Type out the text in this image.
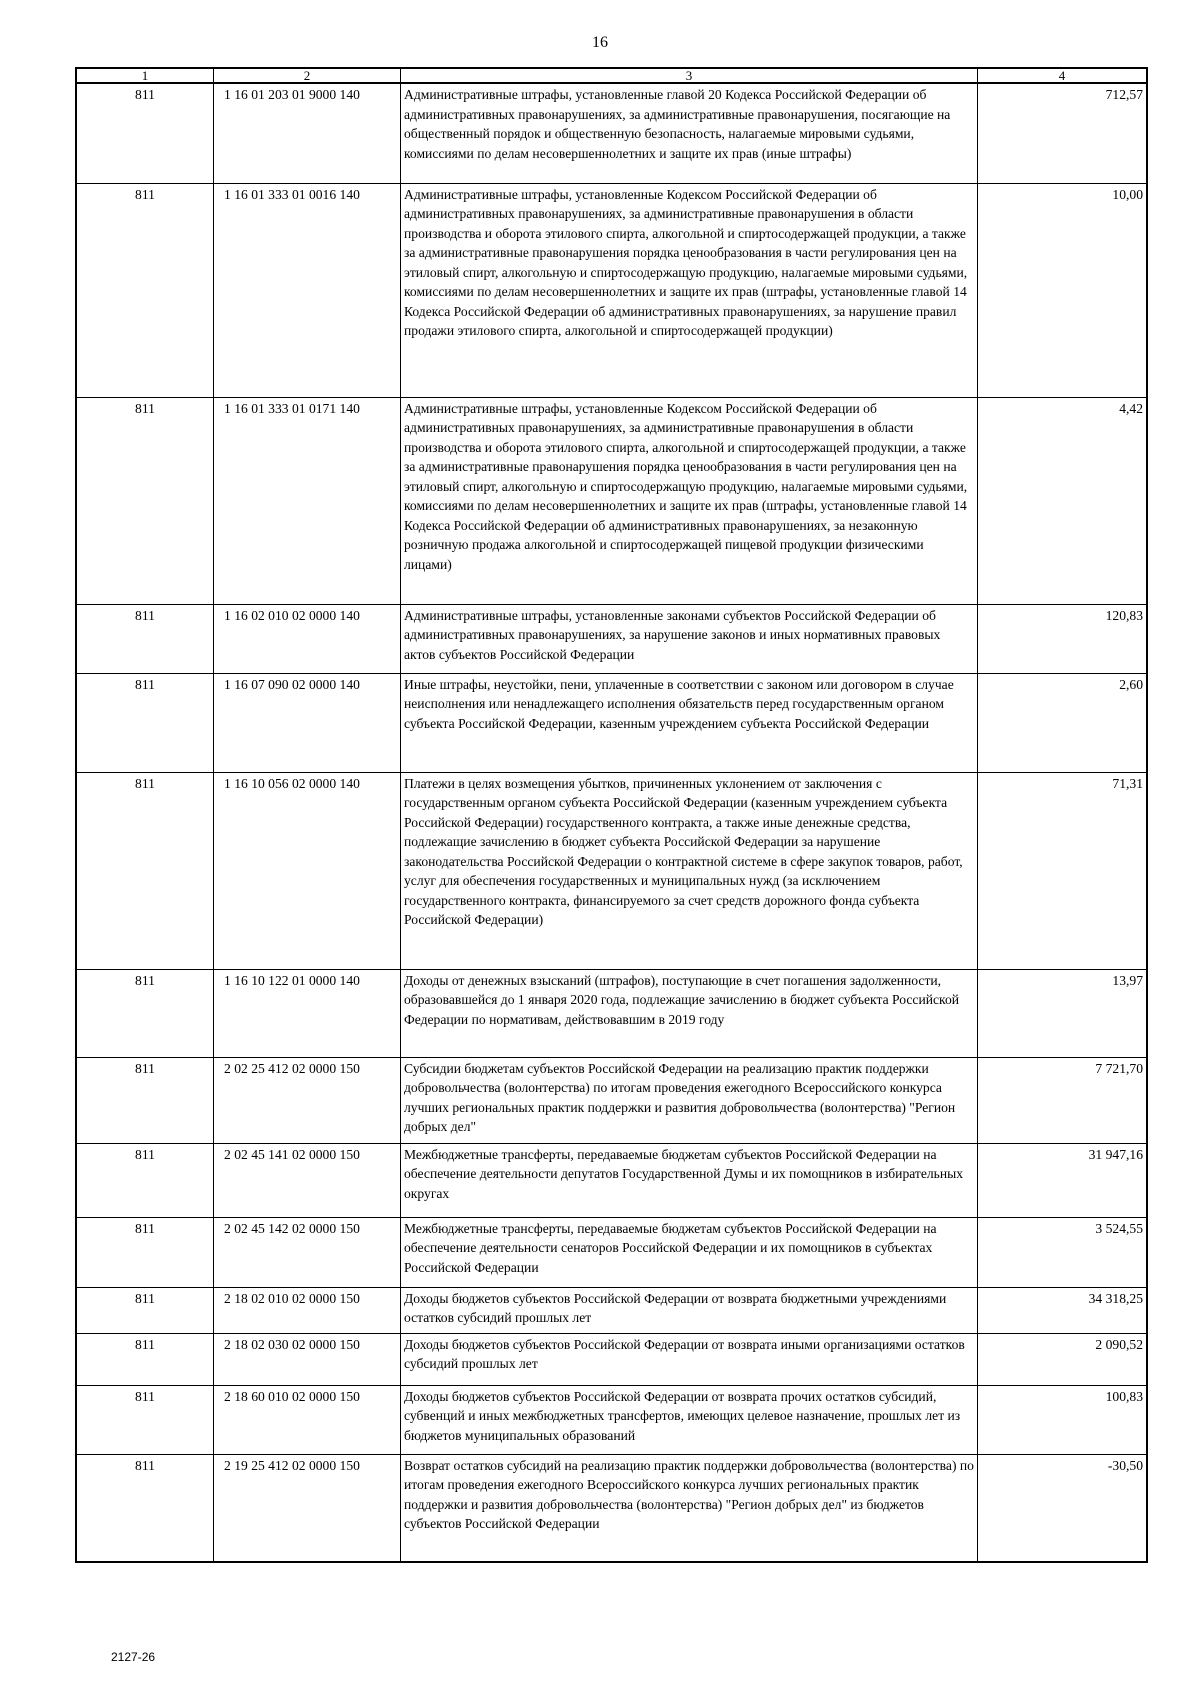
16
1	2	3	4
811	1 16 01 203 01 9000 140	Административные штрафы, установленные главой 20 Кодекса Российской Федерации об административных правонарушениях, за административные правонарушения, посягающие на общественный порядок и общественную безопасность, налагаемые мировыми судьями, комиссиями по делам несовершеннолетних и защите их прав (иные штрафы)	712,57
811	1 16 01 333 01 0016 140	Административные штрафы, установленные Кодексом Российской Федерации об административных правонарушениях, за административные правонарушения в области производства и оборота этилового спирта, алкогольной и спиртосодержащей продукции, а также за административные правонарушения порядка ценообразования в части регулирования цен на этиловый спирт, алкогольную и спиртосодержащую продукцию, налагаемые мировыми судьями, комиссиями по делам несовершеннолетних и защите их прав (штрафы, установленные главой 14 Кодекса Российской Федерации об административных правонарушениях, за нарушение правил продажи этилового спирта, алкогольной и спиртосодержащей продукции)	10,00
811	1 16 01 333 01 0171 140	Административные штрафы, установленные Кодексом Российской Федерации об административных правонарушениях, за административные правонарушения в области производства и оборота этилового спирта, алкогольной и спиртосодержащей продукции, а также за административные правонарушения порядка ценообразования в части регулирования цен на этиловый спирт, алкогольную и спиртосодержащую продукцию, налагаемые мировыми судьями, комиссиями по делам несовершеннолетних и защите их прав (штрафы, установленные главой 14 Кодекса Российской Федерации об административных правонарушениях, за незаконную розничную продажа алкогольной и спиртосодержащей пищевой продукции физическими лицами)	4,42
811	1 16 02 010 02 0000 140	Административные штрафы, установленные законами субъектов Российской Федерации об административных правонарушениях, за нарушение законов и иных нормативных правовых актов субъектов Российской Федерации	120,83
811	1 16 07 090 02 0000 140	Иные штрафы, неустойки, пени, уплаченные в соответствии с законом или договором в случае неисполнения или ненадлежащего исполнения обязательств перед государственным органом субъекта Российской Федерации, казенным учреждением субъекта Российской Федерации	2,60
811	1 16 10 056 02 0000 140	Платежи в целях возмещения убытков, причиненных уклонением от заключения с государственным органом субъекта Российской Федерации (казенным учреждением субъекта Российской Федерации) государственного контракта, а также иные денежные средства, подлежащие зачислению в бюджет субъекта Российской Федерации за нарушение законодательства Российской Федерации о контрактной системе в сфере закупок товаров, работ, услуг для обеспечения государственных и муниципальных нужд (за исключением государственного контракта, финансируемого за счет средств дорожного фонда субъекта Российской Федерации)	71,31
811	1 16 10 122 01 0000 140	Доходы от денежных взысканий (штрафов), поступающие в счет погашения задолженности, образовавшейся до 1 января 2020 года, подлежащие зачислению в бюджет субъекта Российской Федерации по нормативам, действовавшим в 2019 году	13,97
811	2 02 25 412 02 0000 150	Субсидии бюджетам субъектов Российской Федерации на реализацию практик поддержки добровольчества (волонтерства) по итогам проведения ежегодного Всероссийского конкурса лучших региональных практик поддержки и развития добровольчества (волонтерства) "Регион добрых дел"	7 721,70
811	2 02 45 141 02 0000 150	Межбюджетные трансферты, передаваемые бюджетам субъектов Российской Федерации на обеспечение деятельности депутатов Государственной Думы и их помощников в избирательных округах	31 947,16
811	2 02 45 142 02 0000 150	Межбюджетные трансферты, передаваемые бюджетам субъектов Российской Федерации на обеспечение деятельности сенаторов Российской Федерации и их помощников в субъектах Российской Федерации	3 524,55
811	2 18 02 010 02 0000 150	Доходы бюджетов субъектов Российской Федерации от возврата бюджетными учреждениями остатков субсидий прошлых лет	34 318,25
811	2 18 02 030 02 0000 150	Доходы бюджетов субъектов Российской Федерации от возврата иными организациями остатков субсидий прошлых лет	2 090,52
811	2 18 60 010 02 0000 150	Доходы бюджетов субъектов Российской Федерации от возврата прочих остатков субсидий, субвенций и иных межбюджетных трансфертов, имеющих целевое назначение, прошлых лет из бюджетов муниципальных образований	100,83
811	2 19 25 412 02 0000 150	Возврат остатков субсидий на реализацию практик поддержки добровольчества (волонтерства) по итогам проведения ежегодного Всероссийского конкурса лучших региональных практик поддержки и развития добровольчества (волонтерства) "Регион добрых дел" из бюджетов субъектов Российской Федерации	-30,50
2127-26
